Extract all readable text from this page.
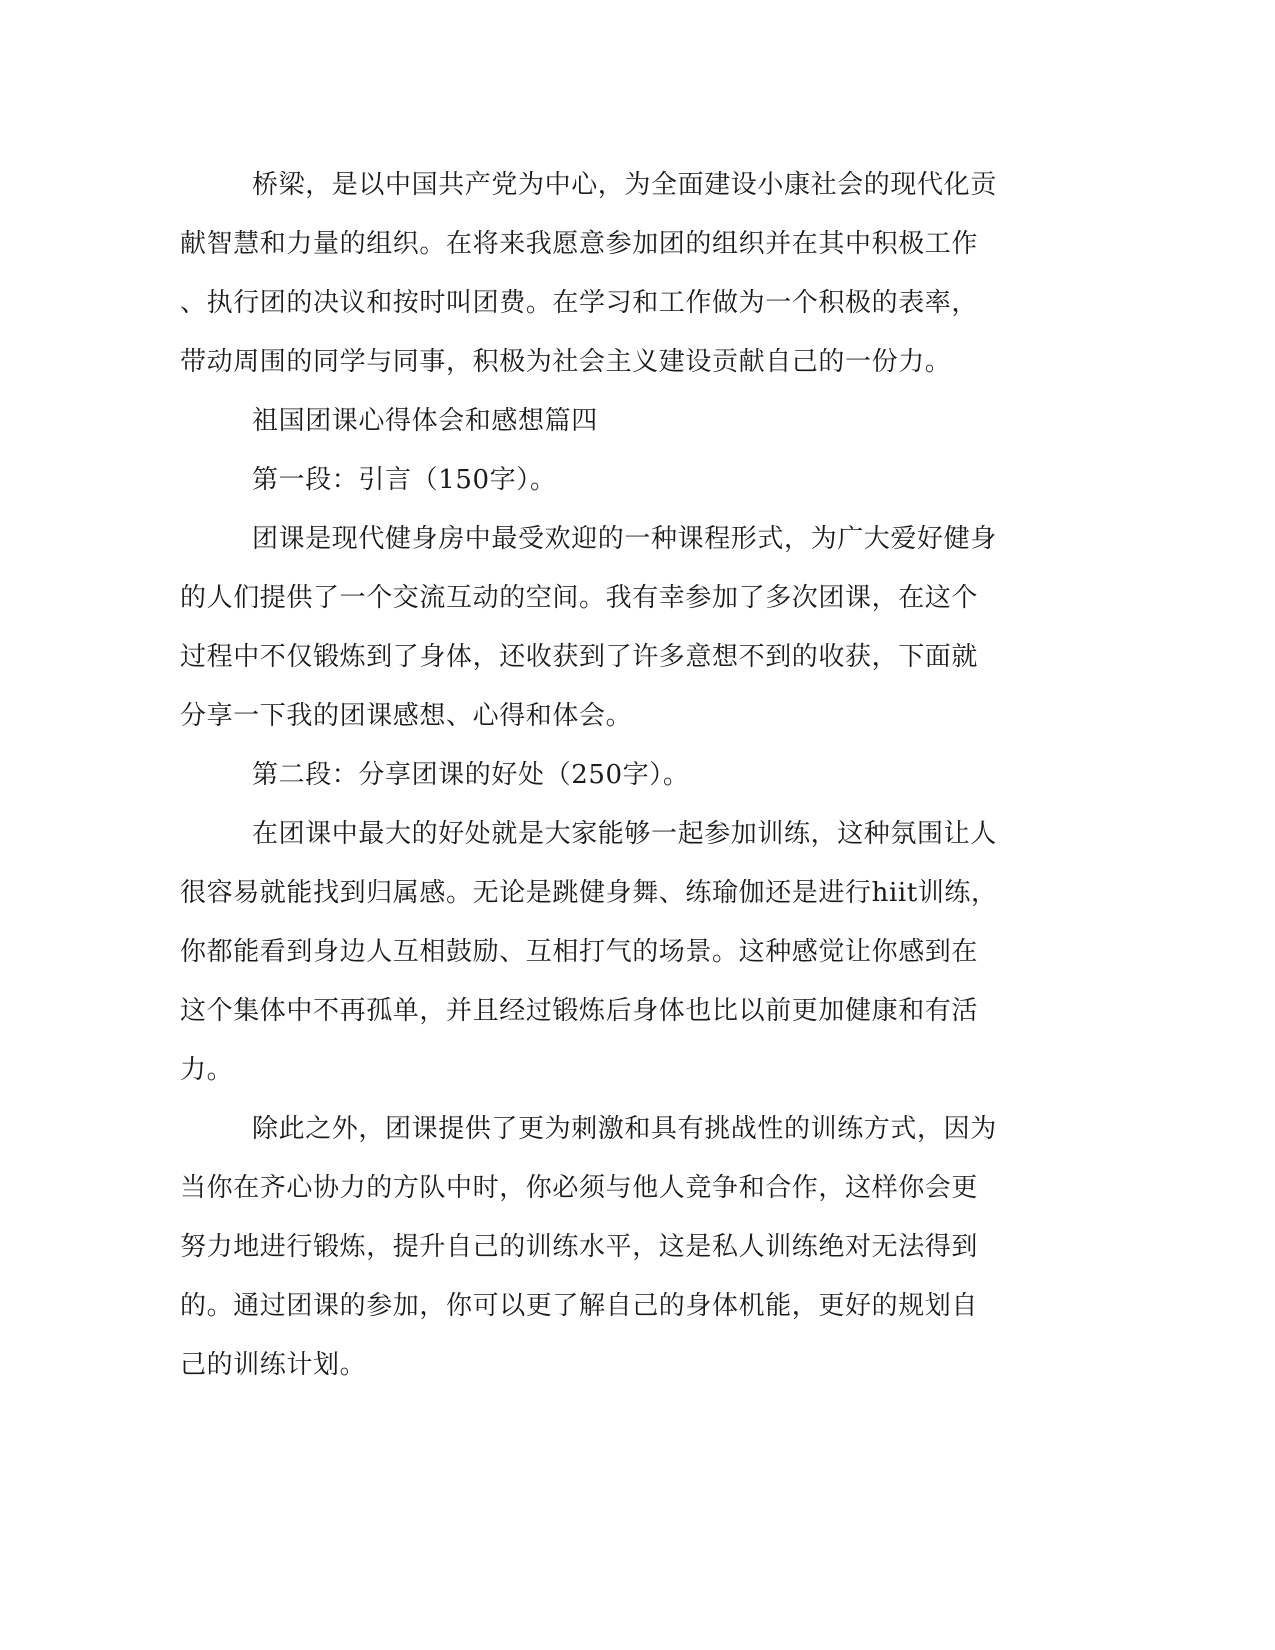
桥梁，是以中国共产党为中心，为全面建设小康社会的现代化贡
献智慧和力量的组织。在将来我愿意参加团的组织并在其中积极工作
、执行团的决议和按时叫团费。在学习和工作做为一个积极的表率，
带动周围的同学与同事，积极为社会主义建设贡献自己的一份力。
祖国团课心得体会和感想篇四
第一段：引言（150字）。
团课是现代健身房中最受欢迎的一种课程形式，为广大爱好健身
的人们提供了一个交流互动的空间。我有幸参加了多次团课，在这个
过程中不仅锻炼到了身体，还收获到了许多意想不到的收获，下面就
分享一下我的团课感想、心得和体会。
第二段：分享团课的好处（250字）。
在团课中最大的好处就是大家能够一起参加训练，这种氛围让人
很容易就能找到归属感。无论是跳健身舞、练瑜伽还是进行hiit训练，
你都能看到身边人互相鼓励、互相打气的场景。这种感觉让你感到在
这个集体中不再孤单，并且经过锻炼后身体也比以前更加健康和有活
力。
除此之外，团课提供了更为刺激和具有挑战性的训练方式，因为
当你在齐心协力的方队中时，你必须与他人竞争和合作，这样你会更
努力地进行锻炼，提升自己的训练水平，这是私人训练绝对无法得到
的。通过团课的参加，你可以更了解自己的身体机能，更好的规划自
己的训练计划。
